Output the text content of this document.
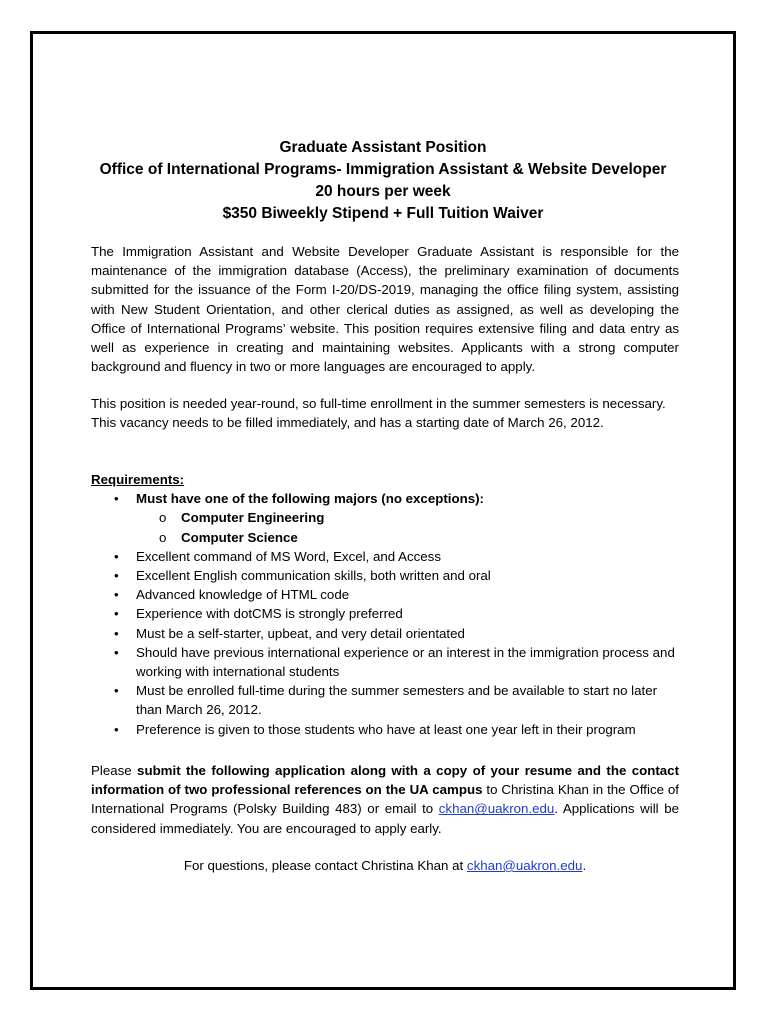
Graduate Assistant Position
Office of International Programs- Immigration Assistant & Website Developer
20 hours per week
$350 Biweekly Stipend + Full Tuition Waiver
The Immigration Assistant and Website Developer Graduate Assistant is responsible for the maintenance of the immigration database (Access), the preliminary examination of documents submitted for the issuance of the Form I-20/DS-2019, managing the office filing system, assisting with New Student Orientation, and other clerical duties as assigned, as well as developing the Office of International Programs’ website. This position requires extensive filing and data entry as well as experience in creating and maintaining websites. Applicants with a strong computer background and fluency in two or more languages are encouraged to apply.
This position is needed year-round, so full-time enrollment in the summer semesters is necessary. This vacancy needs to be filled immediately, and has a starting date of March 26, 2012.
Requirements:
• Must have one of the following majors (no exceptions):
o Computer Engineering
o Computer Science
• Excellent command of MS Word, Excel, and Access
• Excellent English communication skills, both written and oral
• Advanced knowledge of HTML code
• Experience with dotCMS is strongly preferred
• Must be a self-starter, upbeat, and very detail orientated
• Should have previous international experience or an interest in the immigration process and working with international students
• Must be enrolled full-time during the summer semesters and be available to start no later than March 26, 2012.
• Preference is given to those students who have at least one year left in their program
Please submit the following application along with a copy of your resume and the contact information of two professional references on the UA campus to Christina Khan in the Office of International Programs (Polsky Building 483) or email to ckhan@uakron.edu. Applications will be considered immediately. You are encouraged to apply early.
For questions, please contact Christina Khan at ckhan@uakron.edu.
